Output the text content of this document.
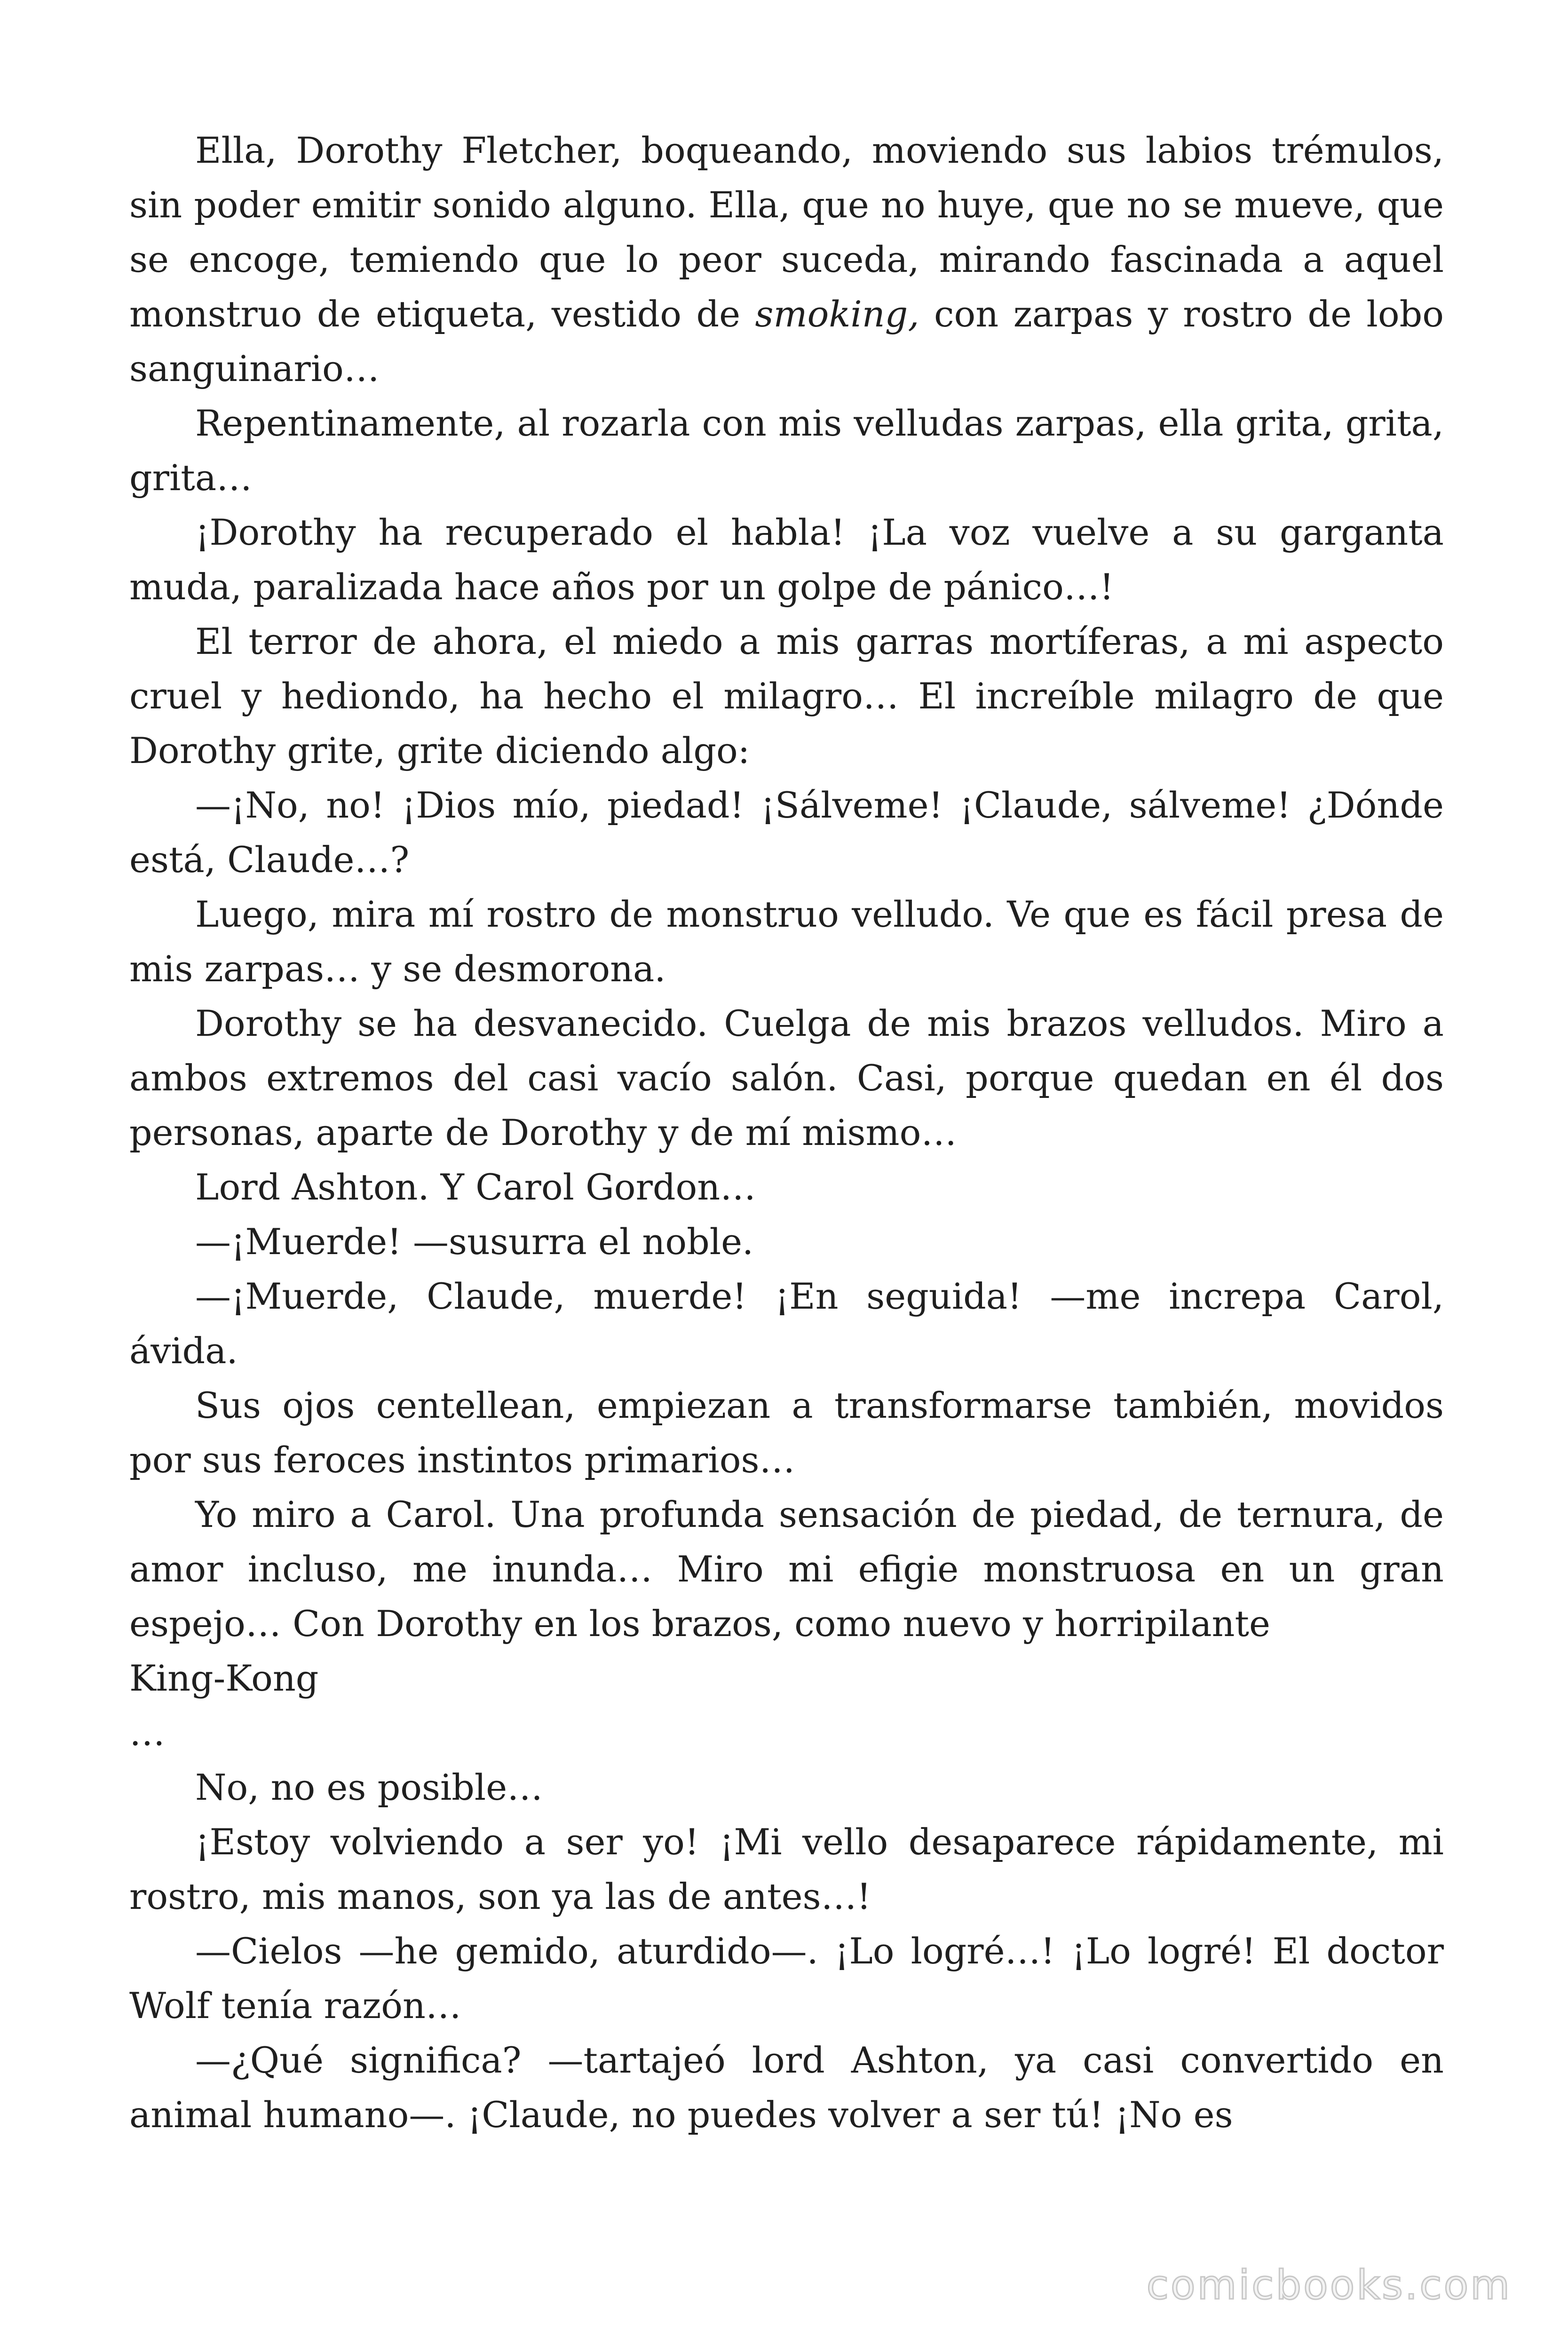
Ella, Dorothy Fletcher, boqueando, moviendo sus labios trémulos, sin poder emitir sonido alguno. Ella, que no huye, que no se mueve, que se encoge, temiendo que lo peor suceda, mirando fascinada a aquel monstruo de etiqueta, vestido de smoking, con zarpas y rostro de lobo sanguinario…

Repentinamente, al rozarla con mis velludas zarpas, ella grita, grita, grita…

¡Dorothy ha recuperado el habla! ¡La voz vuelve a su garganta muda, paralizada hace años por un golpe de pánico…!

El terror de ahora, el miedo a mis garras mortíferas, a mi aspecto cruel y hediondo, ha hecho el milagro… El increíble milagro de que Dorothy grite, grite diciendo algo:

—¡No, no! ¡Dios mío, piedad! ¡Sálveme! ¡Claude, sálveme! ¿Dónde está, Claude…?

Luego, mira mí rostro de monstruo velludo. Ve que es fácil presa de mis zarpas… y se desmorona.

Dorothy se ha desvanecido. Cuelga de mis brazos velludos. Miro a ambos extremos del casi vacío salón. Casi, porque quedan en él dos personas, aparte de Dorothy y de mí mismo…

Lord Ashton. Y Carol Gordon…

—¡Muerde! —susurra el noble.

—¡Muerde, Claude, muerde! ¡En seguida! —me increpa Carol, ávida.

Sus ojos centellean, empiezan a transformarse también, movidos por sus feroces instintos primarios…

Yo miro a Carol. Una profunda sensación de piedad, de ternura, de amor incluso, me inunda… Miro mi efigie monstruosa en un gran espejo… Con Dorothy en los brazos, como nuevo y horripilante

King-Kong

…

No, no es posible…

¡Estoy volviendo a ser yo! ¡Mi vello desaparece rápidamente, mi rostro, mis manos, son ya las de antes…!

—Cielos —he gemido, aturdido—. ¡Lo logré…! ¡Lo logré! El doctor Wolf tenía razón…

—¿Qué significa? —tartajeó lord Ashton, ya casi convertido en animal humano—. ¡Claude, no puedes volver a ser tú! ¡No es

comicbooks.com
